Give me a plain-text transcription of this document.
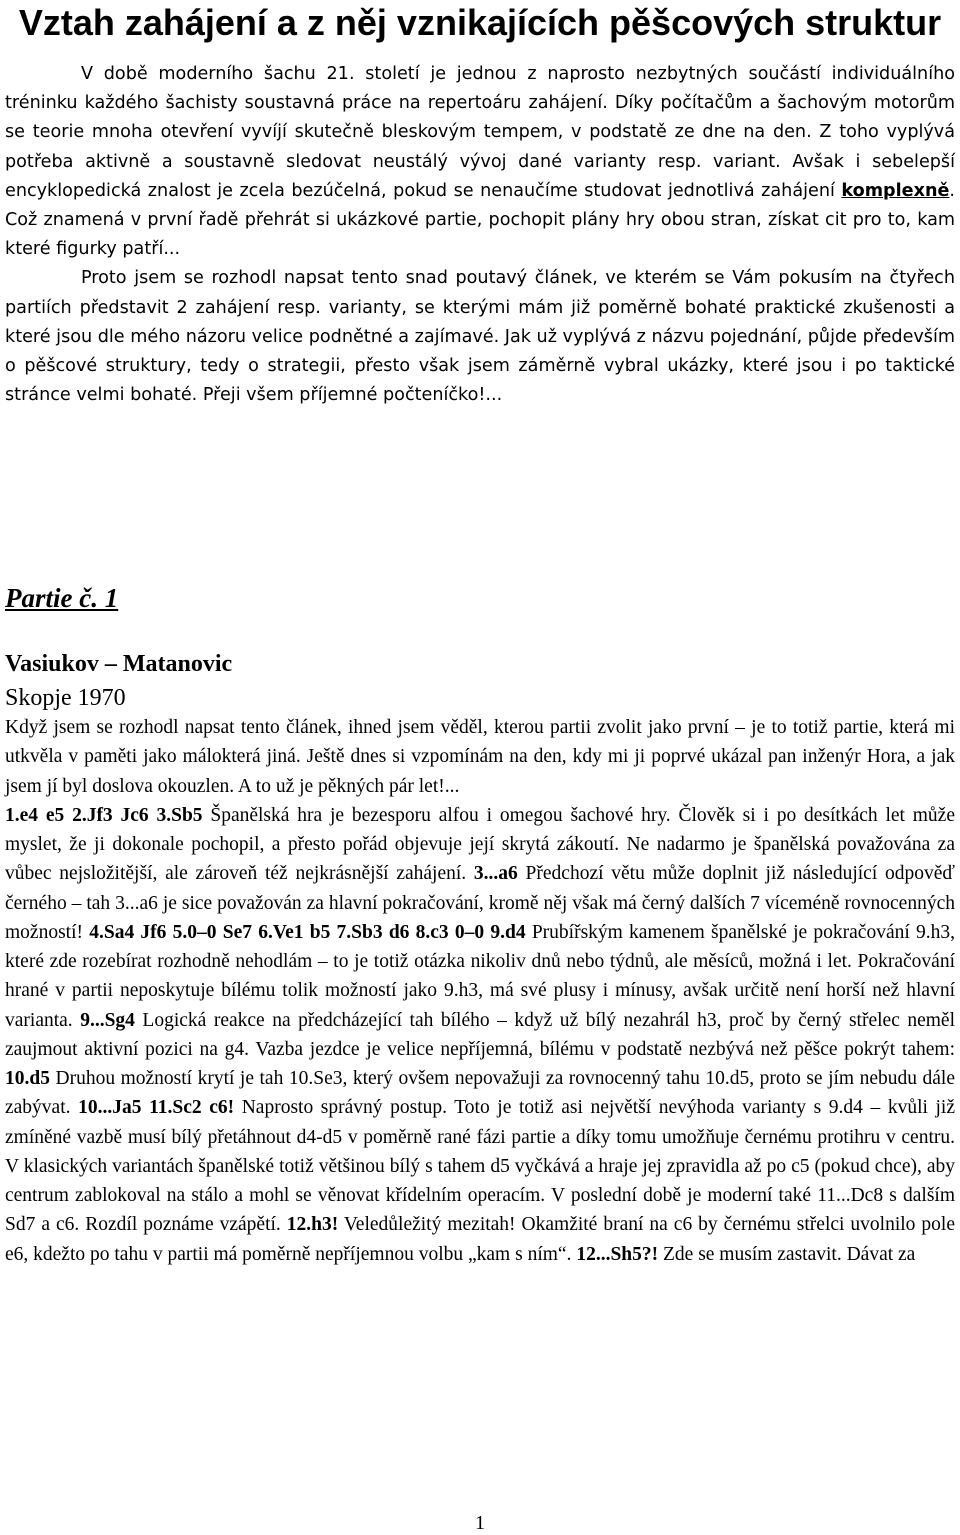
Vztah zahájení a z něj vznikajících pěšcových struktur

V době moderního šachu 21. století je jednou z naprosto nezbytných součástí individuálního tréninku každého šachisty soustavná práce na repertoáru zahájení. Díky počítačům a šachovým motorům se teorie mnoha otevření vyvíjí skutečně bleskovým tempem, v podstatě ze dne na den. Z toho vyplývá potřeba aktivně a soustavně sledovat neustálý vývoj dané varianty resp. variant. Avšak i sebelepší encyklopedická znalost je zcela bezúčelná, pokud se nenaučíme studovat jednotlivá zahájení komplexně. Což znamená v první řadě přehrát si ukázkové partie, pochopit plány hry obou stran, získat cit pro to, kam které figurky patří...

Proto jsem se rozhodl napsat tento snad poutavý článek, ve kterém se Vám pokusím na čtyřech partiích představit 2 zahájení resp. varianty, se kterými mám již poměrně bohaté praktické zkušenosti a které jsou dle mého názoru velice podnětné a zajímavé. Jak už vyplývá z názvu pojednání, půjde především o pěšcové struktury, tedy o strategii, přesto však jsem záměrně vybral ukázky, které jsou i po taktické stránce velmi bohaté. Přeji všem příjemné počteníčko!...

Partie č. 1
Vasiukov – Matanovic
Skopje 1970

Když jsem se rozhodl napsat tento článek, ihned jsem věděl, kterou partii zvolit jako první – je to totiž partie, která mi utkvěla v paměti jako málokterá jiná. Ještě dnes si vzpomínám na den, kdy mi ji poprvé ukázal pan inženýr Hora, a jak jsem jí byl doslova okouzlen. A to už je pěkných pár let!...

1.e4 e5 2.Jf3 Jc6 3.Sb5 Španělská hra je bezesporu alfou i omegou šachové hry. Člověk si i po desítkách let může myslet, že ji dokonale pochopil, a přesto pořád objevuje její skrytá zákoutí. Ne nadarmo je španělská považována za vůbec nejsložitější, ale zároveň též nejkrásnější zahájení. 3...a6 Předchozí větu může doplnit již následující odpověď černého – tah 3...a6 je sice považován za hlavní pokračování, kromě něj však má černý dalších 7 víceméně rovnocenných možností! 4.Sa4 Jf6 5.0–0 Se7 6.Ve1 b5 7.Sb3 d6 8.c3 0–0 9.d4 Prubířským kamenem španělské je pokračování 9.h3, které zde rozebírat rozhodně nehodlám – to je totiž otázka nikoliv dnů nebo týdnů, ale měsíců, možná i let. Pokračování hrané v partii neposkytuje bílému tolik možností jako 9.h3, má své plusy i mínusy, avšak určitě není horší než hlavní varianta. 9...Sg4 Logická reakce na předcházející tah bílého – když už bílý nezahrál h3, proč by černý střelec neměl zaujmout aktivní pozici na g4. Vazba jezdce je velice nepříjemná, bílému v podstatě nezbývá než pěšce pokrýt tahem: 10.d5 Druhou možností krytí je tah 10.Se3, který ovšem nepovažuji za rovnocenný tahu 10.d5, proto se jím nebudu dále zabývat. 10...Ja5 11.Sc2 c6! Naprosto správný postup. Toto je totiž asi největší nevýhoda varianty s 9.d4 – kvůli již zmíněné vazbě musí bílý přetáhnout d4-d5 v poměrně rané fázi partie a díky tomu umožňuje černému protihru v centru. V klasických variantách španělské totiž většinou bílý s tahem d5 vyčkává a hraje jej zpravidla až po c5 (pokud chce), aby centrum zablokoval na stálo a mohl se věnovat křídelním operacím. V poslední době je moderní také 11...Dc8 s dalším Sd7 a c6. Rozdíl poznáme vzápětí. 12.h3! Veledůležitý mezitah! Okamžité braní na c6 by černému střelci uvolnilo pole e6, kdežto po tahu v partii má poměrně nepříjemnou volbu „kam s ním“. 12...Sh5?! Zde se musím zastavit. Dávat za

1
